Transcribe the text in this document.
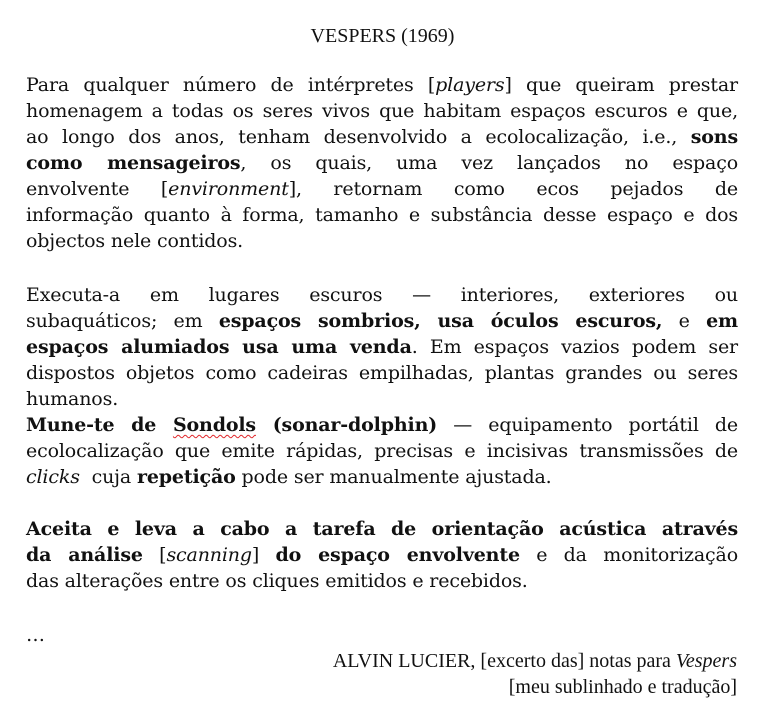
VESPERS (1969)
Para qualquer número de intérpretes [players] que queiram prestar
homenagem a todas os seres vivos que habitam espaços escuros e que,
ao longo dos anos, tenham desenvolvido a ecolocalização, i.e., sons
como mensageiros, os quais, uma vez lançados no espaço
envolvente [environment], retornam como ecos pejados de
informação quanto à forma, tamanho e substância desse espaço e dos
objectos nele contidos.
Executa-a em lugares escuros — interiores, exteriores ou
subaquáticos; em espaços sombrios, usa óculos escuros, e em
espaços alumiados usa uma venda. Em espaços vazios podem ser
dispostos objetos como cadeiras empilhadas, plantas grandes ou seres
humanos.
Mune-te de Sondols (sonar-dolphin) — equipamento portátil de
ecolocalização que emite rápidas, precisas e incisivas transmissões de
clicks  cuja repetição pode ser manualmente ajustada.
Aceita e leva a cabo a tarefa de orientação acústica através
da análise [scanning] do espaço envolvente e da monitorização
das alterações entre os cliques emitidos e recebidos.
…
ALVIN LUCIER, [excerto das] notas para Vespers
[meu sublinhado e tradução]
